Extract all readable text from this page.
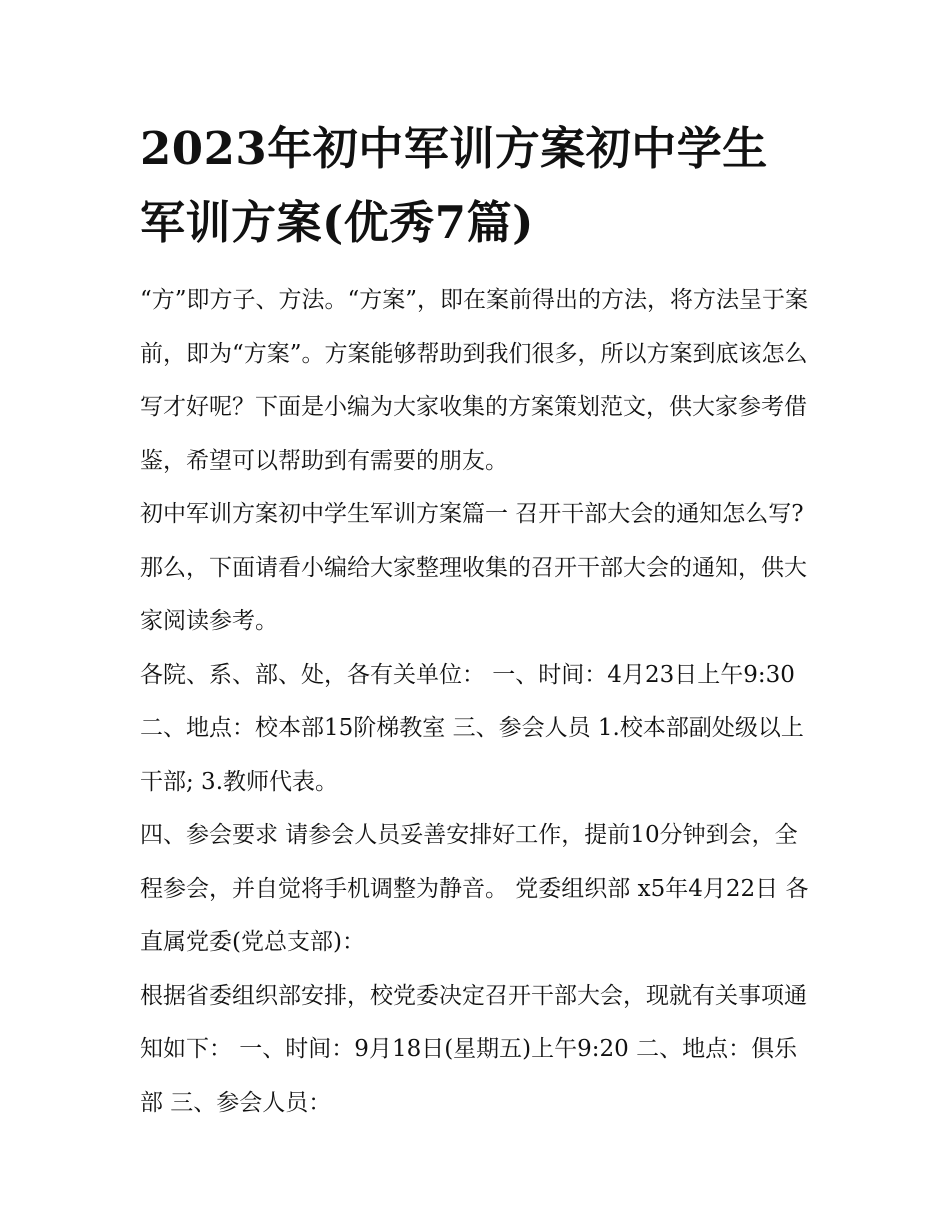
2023年初中军训方案初中学生军训方案(优秀7篇)

“方”即方子、方法。“方案”，即在案前得出的方法，将方法呈于案前，即为“方案”。方案能够帮助到我们很多，所以方案到底该怎么写才好呢？下面是小编为大家收集的方案策划范文，供大家参考借鉴，希望可以帮助到有需要的朋友。

初中军训方案初中学生军训方案篇一 召开干部大会的通知怎么写?那么，下面请看小编给大家整理收集的召开干部大会的通知，供大家阅读参考。

各院、系、部、处，各有关单位： 一、时间：4月23日上午9:30 二、地点：校本部15阶梯教室 三、参会人员 1.校本部副处级以上干部; 3.教师代表。

四、参会要求 请参会人员妥善安排好工作，提前10分钟到会，全程参会，并自觉将手机调整为静音。 党委组织部 x5年4月22日 各直属党委(党总支部)：

根据省委组织部安排，校党委决定召开干部大会，现就有关事项通知如下： 一、时间：9月18日(星期五)上午9:20 二、地点：俱乐部 三、参会人员：
